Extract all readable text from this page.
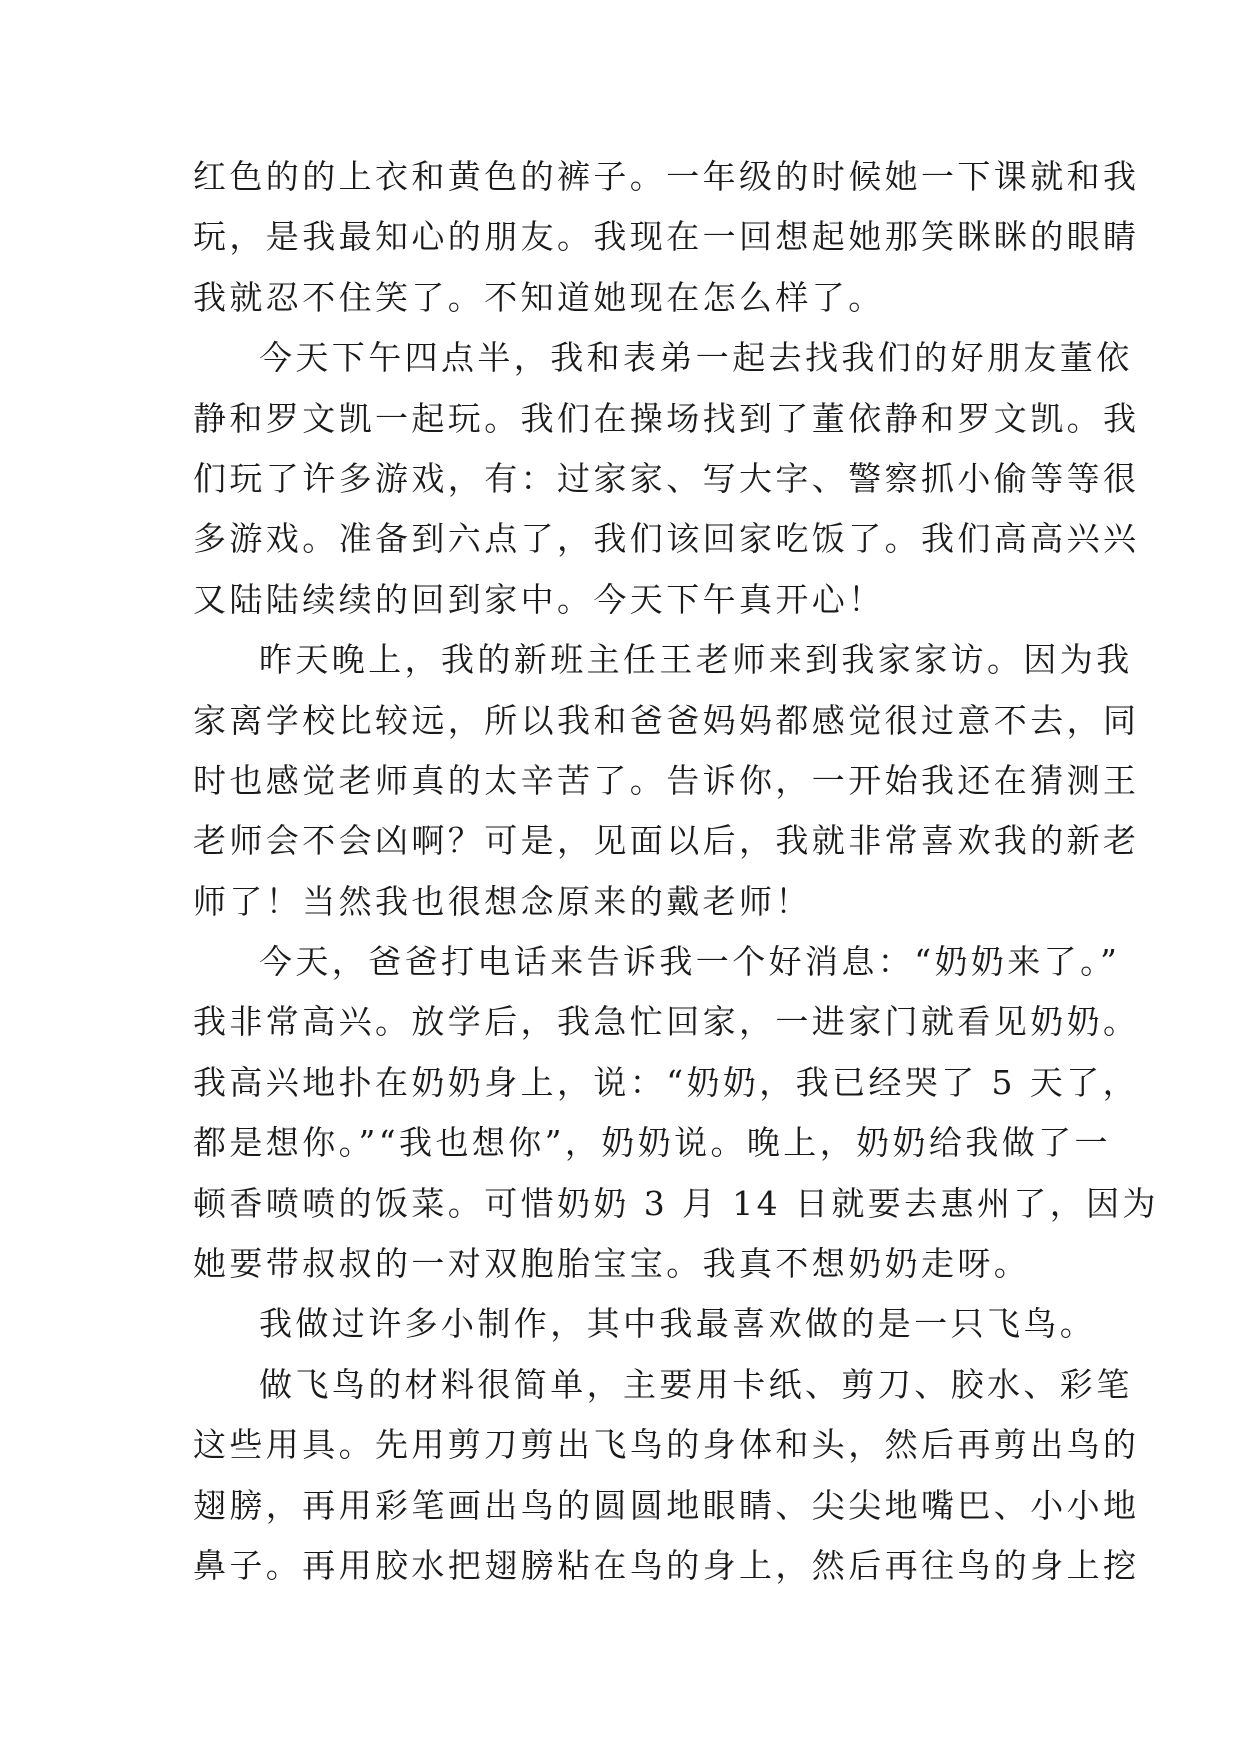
红色的的上衣和黄色的裤子。一年级的时候她一下课就和我
玩，是我最知心的朋友。我现在一回想起她那笑眯眯的眼睛
我就忍不住笑了。不知道她现在怎么样了。
今天下午四点半，我和表弟一起去找我们的好朋友董依
静和罗文凯一起玩。我们在操场找到了董依静和罗文凯。我
们玩了许多游戏，有：过家家、写大字、警察抓小偷等等很
多游戏。准备到六点了，我们该回家吃饭了。我们高高兴兴
又陆陆续续的回到家中。今天下午真开心！
昨天晚上，我的新班主任王老师来到我家家访。因为我
家离学校比较远，所以我和爸爸妈妈都感觉很过意不去，同
时也感觉老师真的太辛苦了。告诉你，一开始我还在猜测王
老师会不会凶啊？可是，见面以后，我就非常喜欢我的新老
师了！当然我也很想念原来的戴老师！
今天，爸爸打电话来告诉我一个好消息：“奶奶来了。”
我非常高兴。放学后，我急忙回家，一进家门就看见奶奶。
我高兴地扑在奶奶身上，说：“奶奶，我已经哭了 5 天了，
都是想你。”“我也想你”，奶奶说。晚上，奶奶给我做了一
顿香喷喷的饭菜。可惜奶奶 3 月 14 日就要去惠州了，因为
她要带叔叔的一对双胞胎宝宝。我真不想奶奶走呀。
我做过许多小制作，其中我最喜欢做的是一只飞鸟。
做飞鸟的材料很简单，主要用卡纸、剪刀、胶水、彩笔
这些用具。先用剪刀剪出飞鸟的身体和头，然后再剪出鸟的
翅膀，再用彩笔画出鸟的圆圆地眼睛、尖尖地嘴巴、小小地
鼻子。再用胶水把翅膀粘在鸟的身上，然后再往鸟的身上挖
